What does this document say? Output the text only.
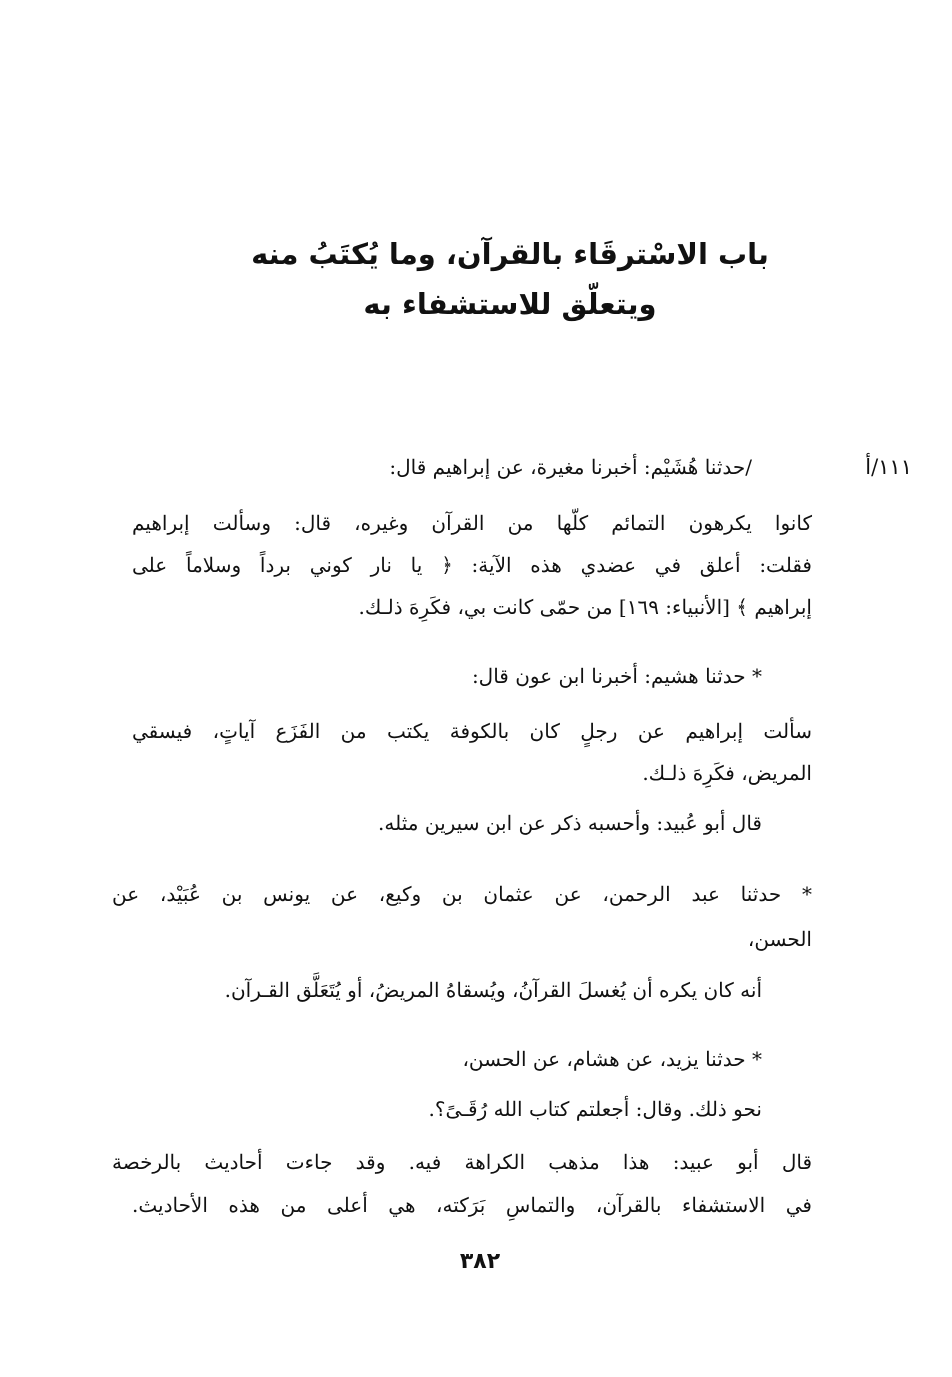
باب الاسْترقَاء بالقرآن، وما يُكتَبُ منه
ويتعلّق للاستشفاء به
١١١/أ
/حدثنا هُشَيْم: أخبرنا مغيرة، عن إبراهيم قال:
كانوا يكرهون التمائم كلّها من القرآن وغيره، قال: وسألت إبراهيم
فقلت: أعلق في عضدي هذه الآية: ﴿ يا نار كوني برداً وسلاماً على
إبراهيم ﴾ [الأنبياء: ١٦٩] من حمّى كانت بي، فكَرِهَ ذلـك.
* حدثنا هشيم: أخبرنا ابن عون قال:
سألت إبراهيم عن رجلٍ كان بالكوفة يكتب من الفَزَع آياتٍ، فيسقي
المريض، فكَرِهَ ذلـك.
قال أبو عُبيد: وأحسبه ذكر عن ابن سيرين مثله.
* حدثنا عبد الرحمن، عن عثمان بن وكيع، عن يونس بن عُبَيْد، عن
الحسن،
أنه كان يكره أن يُغسلَ القرآنُ، ويُسقاهُ المريضُ، أو يُتَعَلَّق القـرآن.
* حدثنا يزيد، عن هشام، عن الحسن،
نحو ذلك. وقال: أجعلتم كتاب الله رُقَـىً؟.
قال أبو عبيد: هذا مذهب الكراهة فيه. وقد جاءت أحاديث بالرخصة
في الاستشفاء بالقرآن، والتماسِ بَرَكته، هي أعلى من هذه الأحاديث.
٣٨٢
